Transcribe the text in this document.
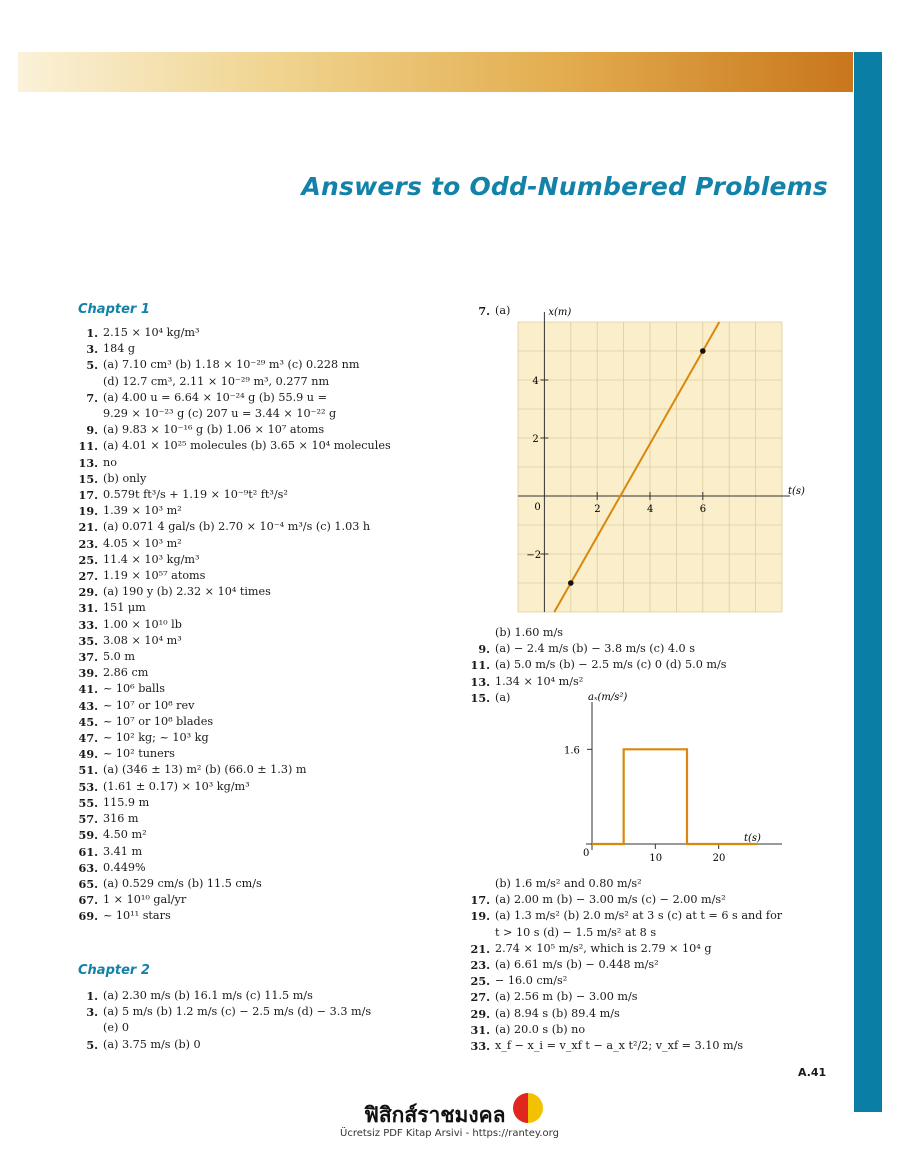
Answers to Odd-Numbered Problems
Chapter 1
1. 2.15 × 10⁴ kg/m³
3. 184 g
5. (a) 7.10 cm³ (b) 1.18 × 10⁻²⁹ m³ (c) 0.228 nm
(d) 12.7 cm³, 2.11 × 10⁻²⁹ m³, 0.277 nm
7. (a) 4.00 u = 6.64 × 10⁻²⁴ g (b) 55.9 u =
9.29 × 10⁻²³ g (c) 207 u = 3.44 × 10⁻²² g
9. (a) 9.83 × 10⁻¹⁶ g (b) 1.06 × 10⁷ atoms
11. (a) 4.01 × 10²⁵ molecules (b) 3.65 × 10⁴ molecules
13. no
15. (b) only
17. 0.579t ft³/s + 1.19 × 10⁻⁹t² ft³/s²
19. 1.39 × 10³ m²
21. (a) 0.071 4 gal/s (b) 2.70 × 10⁻⁴ m³/s (c) 1.03 h
23. 4.05 × 10³ m²
25. 11.4 × 10³ kg/m³
27. 1.19 × 10⁵⁷ atoms
29. (a) 190 y (b) 2.32 × 10⁴ times
31. 151 μm
33. 1.00 × 10¹⁰ lb
35. 3.08 × 10⁴ m³
37. 5.0 m
39. 2.86 cm
41. ~ 10⁶ balls
43. ~ 10⁷ or 10⁸ rev
45. ~ 10⁷ or 10⁸ blades
47. ~ 10² kg; ~ 10³ kg
49. ~ 10² tuners
51. (a) (346 ± 13) m² (b) (66.0 ± 1.3) m
53. (1.61 ± 0.17) × 10³ kg/m³
55. 115.9 m
57. 316 m
59. 4.50 m²
61. 3.41 m
63. 0.449%
65. (a) 0.529 cm/s (b) 11.5 cm/s
67. 1 × 10¹⁰ gal/yr
69. ~ 10¹¹ stars
Chapter 2
1. (a) 2.30 m/s (b) 16.1 m/s (c) 11.5 m/s
3. (a) 5 m/s (b) 1.2 m/s (c) − 2.5 m/s (d) − 3.3 m/s
(e) 0
5. (a) 3.75 m/s (b) 0
7. (a)	x(m)
t(s)
0	2	4	6
−2
2
4
(b) 1.60 m/s
9. (a) − 2.4 m/s (b) − 3.8 m/s (c) 4.0 s
11. (a) 5.0 m/s (b) − 2.5 m/s (c) 0 (d) 5.0 m/s
13. 1.34 × 10⁴ m/s²
15. (a)	aₓ(m/s²)
t(s)
0	10	20
1.6
(b) 1.6 m/s² and 0.80 m/s²
17. (a) 2.00 m (b) − 3.00 m/s (c) − 2.00 m/s²
19. (a) 1.3 m/s² (b) 2.0 m/s² at 3 s (c) at t = 6 s and for
t > 10 s (d) − 1.5 m/s² at 8 s
21. 2.74 × 10⁵ m/s², which is 2.79 × 10⁴ g
23. (a) 6.61 m/s (b) − 0.448 m/s²
25. − 16.0 cm/s²
27. (a) 2.56 m (b) − 3.00 m/s
29. (a) 8.94 s (b) 89.4 m/s
31. (a) 20.0 s (b) no
33. x_f − x_i = v_xf t − a_x t²/2; v_xf = 3.10 m/s
A.41
ฟิสิกส์ราชมงคล
Ücretsiz PDF Kitap Arsivi - https://rantey.org
